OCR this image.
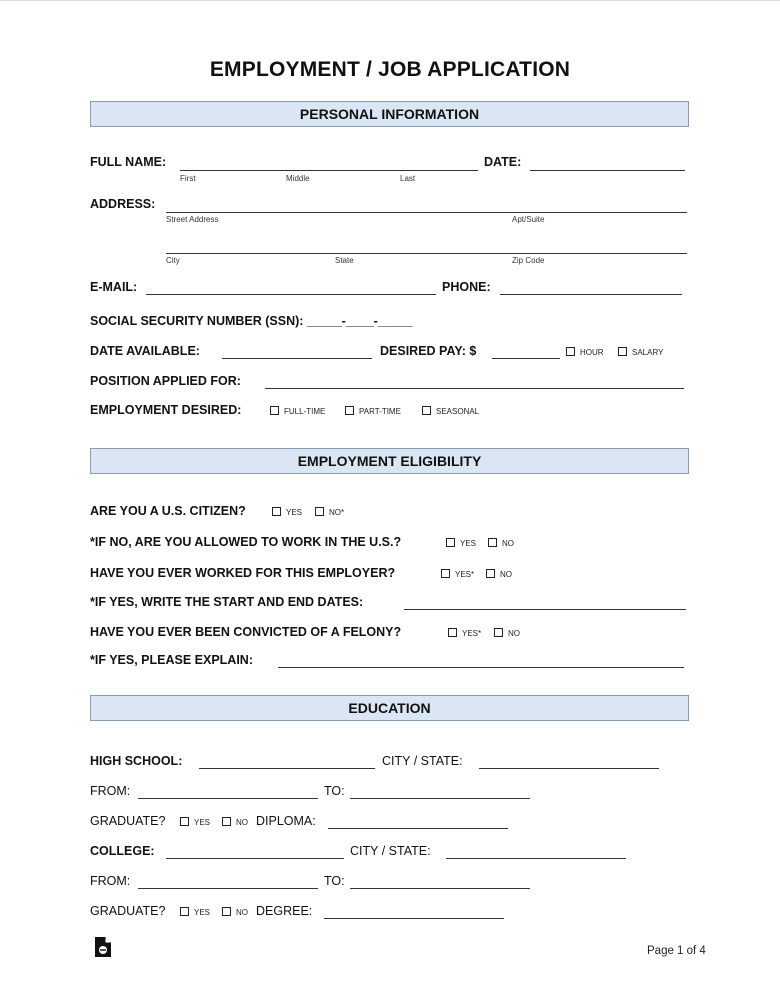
EMPLOYMENT / JOB APPLICATION
PERSONAL INFORMATION
FULL NAME:
First	Middle	Last
DATE:
ADDRESS:
Street Address	Apt/Suite
City	State	Zip Code
E-MAIL:	PHONE:
SOCIAL SECURITY NUMBER (SSN): _____-____-_____
DATE AVAILABLE:	DESIRED PAY: $	HOUR	SALARY
POSITION APPLIED FOR:
EMPLOYMENT DESIRED:	FULL-TIME	PART-TIME	SEASONAL
EMPLOYMENT ELIGIBILITY
ARE YOU A U.S. CITIZEN?	YES	NO*
*IF NO, ARE YOU ALLOWED TO WORK IN THE U.S.?	YES	NO
HAVE YOU EVER WORKED FOR THIS EMPLOYER?	YES*	NO
*IF YES, WRITE THE START AND END DATES:
HAVE YOU EVER BEEN CONVICTED OF A FELONY?	YES*	NO
*IF YES, PLEASE EXPLAIN:
EDUCATION
HIGH SCHOOL:	CITY / STATE:
FROM:	TO:
GRADUATE?	YES	NO DIPLOMA:
COLLEGE:	CITY / STATE:
FROM:	TO:
GRADUATE?	YES	NO DEGREE:
Page 1 of 4
